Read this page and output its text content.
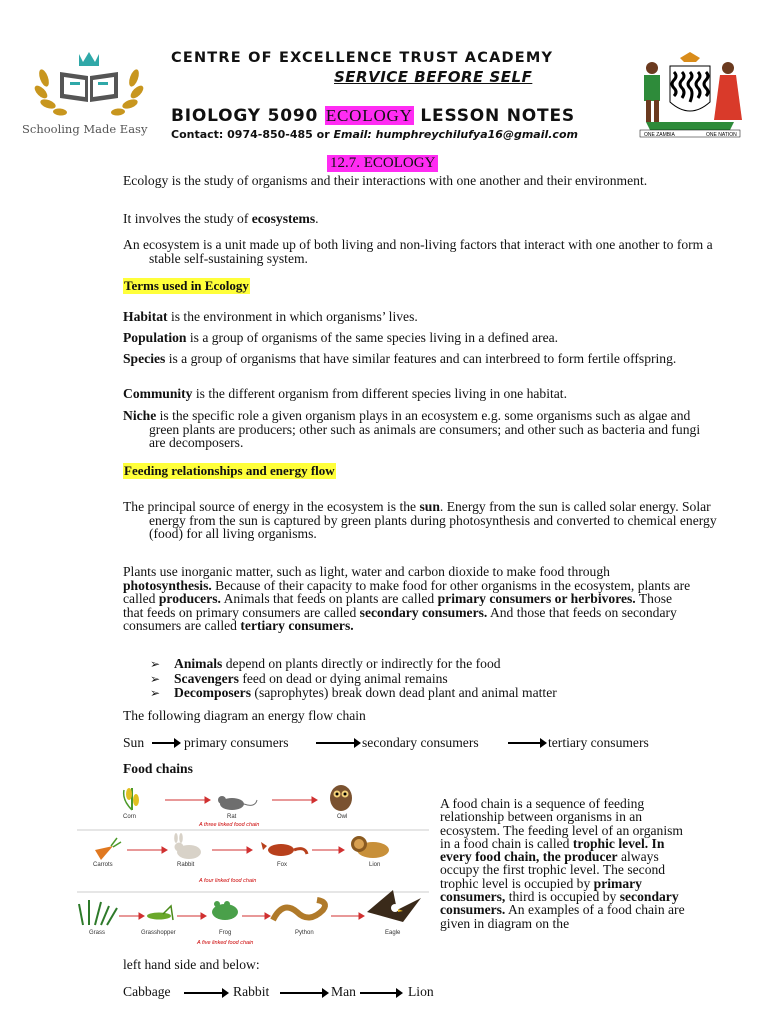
Schooling Made Easy
CENTRE OF EXCELLENCE TRUST ACADEMY
SERVICE BEFORE SELF
BIOLOGY 5090 ECOLOGY LESSON NOTES
Contact: 0974-850-485 or Email: humphreychilufya16@gmail.com	ONE ZAMBIA	ONE NATION
12.7. ECOLOGY

Ecology is the study of organisms and their interactions with one another and their environment.

It involves the study of ecosystems.

An ecosystem is a unit made up of both living and non-living factors that interact with one another to form a stable self-sustaining system.

Terms used in Ecology

Habitat is the environment in which organisms’ lives.

Population is a group of organisms of the same species living in a defined area.

Species is a group of organisms that have similar features and can interbreed to form fertile offspring.

Community is the different organism from different species living in one habitat.

Niche is the specific role a given organism plays in an ecosystem e.g. some organisms such as algae and green plants are producers; other such as animals are consumers; and other such as bacteria and fungi are decomposers.

Feeding relationships and energy flow

The principal source of energy in the ecosystem is the sun. Energy from the sun is called solar energy. Solar energy from the sun is captured by green plants during photosynthesis and converted to chemical energy (food) for all living organisms.

Plants use inorganic matter, such as light, water and carbon dioxide to make food through photosynthesis. Because of their capacity to make food for other organisms in the ecosystem, plants are called producers. Animals that feeds on plants are called primary consumers or herbivores. Those that feeds on primary consumers are called secondary consumers. And those that feeds on secondary consumers are called tertiary consumers.

➢ Animals depend on plants directly or indirectly for the food
➢ Scavengers feed on dead or dying animal remains
➢ Decomposers (saprophytes) break down dead plant and animal matter

The following diagram an energy flow chain

Sun	primary consumers	secondary consumers	tertiary consumers
Food chains
Corn	Rat	Owl
A three linked food chain
Carrots	Rabbit	Fox	Lion
A four linked food chain
Grass	Grasshopper	Frog	Python	Eagle
A five linked food chain

A food chain is a sequence of feeding relationship between organisms in an ecosystem. The feeding level of an organism in a food chain is called trophic level. In every food chain, the producer always occupy the first trophic level. The second trophic level is occupied by primary consumers, third is occupied by secondary consumers. An examples of a food chain are given in diagram on the

left hand side and below:

Cabbage	Rabbit	Man	Lion
